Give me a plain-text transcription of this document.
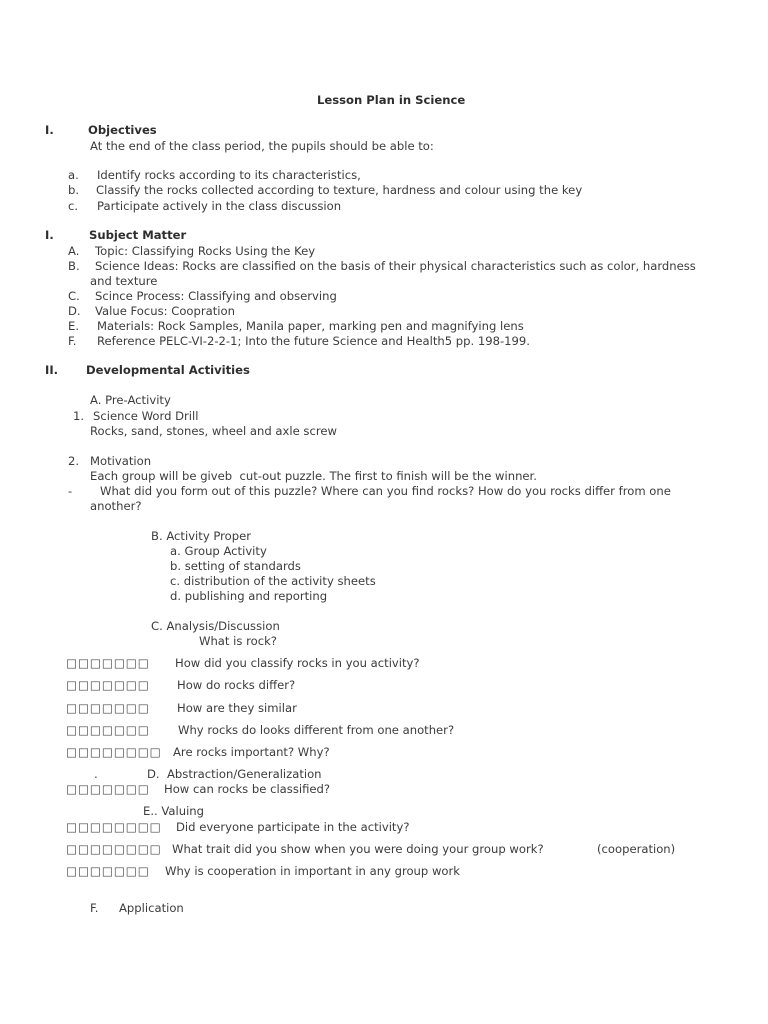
Lesson Plan in Science
I.	Objectives
At the end of the class period, the pupils should be able to:
a. Identify rocks according to its characteristics,
b. Classify the rocks collected according to texture, hardness and colour using the key
c. Participate actively in the class discussion
I.	Subject Matter
A. Topic: Classifying Rocks Using the Key
B. Science Ideas: Rocks are classified on the basis of their physical characteristics such as color, hardness
and texture
C. Scince Process: Classifying and observing
D. Value Focus: Coopration
E. Materials: Rock Samples, Manila paper, marking pen and magnifying lens
F. Reference PELC-VI-2-2-1; Into the future Science and Health5 pp. 198-199.
II. Developmental Activities
A. Pre-Activity
1. Science Word Drill
Rocks, sand, stones, wheel and axle screw
2. Motivation
Each group will be giveb  cut-out puzzle. The first to finish will be the winner.
- What did you form out of this puzzle? Where can you find rocks? How do you rocks differ from one
another?
B. Activity Proper
a. Group Activity
b. setting of standards
c. distribution of the activity sheets
d. publishing and reporting
C. Analysis/Discussion
What is rock?
□□□□□□□ How did you classify rocks in you activity?
□□□□□□□ How do rocks differ?
□□□□□□□ How are they similar
□□□□□□□ Why rocks do looks different from one another?
□□□□□□□□ Are rocks important? Why?
.	D.  Abstraction/Generalization
□□□□□□□ How can rocks be classified?
E.. Valuing
□□□□□□□□ Did everyone participate in the activity?
□□□□□□□□ What trait did you show when you were doing your group work?	(cooperation)
□□□□□□□ Why is cooperation in important in any group work
F. Application
